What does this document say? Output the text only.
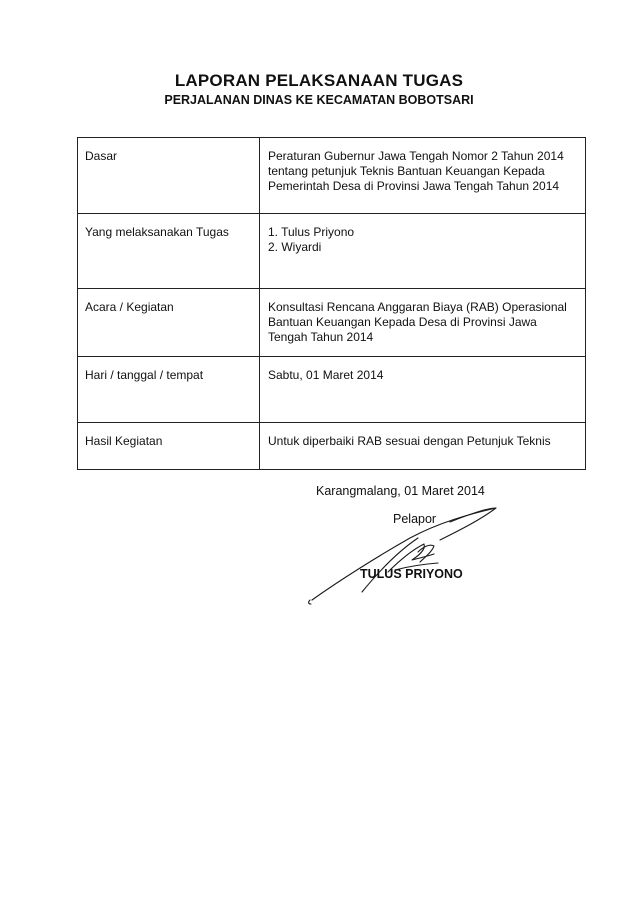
LAPORAN PELAKSANAAN TUGAS
PERJALANAN DINAS KE KECAMATAN BOBOTSARI
Dasar	Peraturan Gubernur Jawa Tengah Nomor 2 Tahun 2014
tentang petunjuk Teknis Bantuan Keuangan Kepada
Pemerintah Desa di Provinsi Jawa Tengah Tahun 2014

Yang melaksanakan Tugas	1. Tulus Priyono
2. Wiyardi

Acara / Kegiatan	Konsultasi Rencana Anggaran Biaya (RAB) Operasional
Bantuan Keuangan Kepada Desa di Provinsi Jawa
Tengah Tahun 2014

Hari / tanggal / tempat	Sabtu, 01 Maret 2014

Hasil Kegiatan	Untuk diperbaiki RAB sesuai dengan Petunjuk Teknis
Karangmalang, 01 Maret 2014
Pelapor
TULUS PRIYONO
